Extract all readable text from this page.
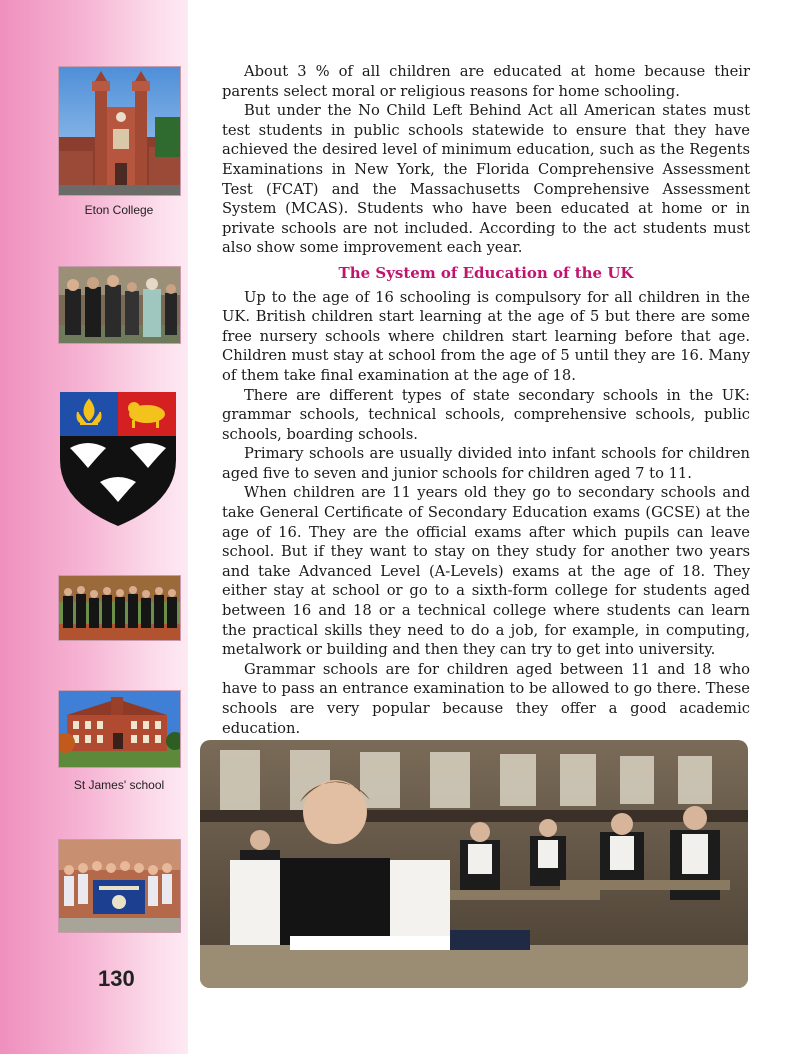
Eton College
St James' school
130

About 3 % of all children are educated at home because their parents select moral or religious reasons for home schooling.

But under the No Child Left Behind Act all American states must test students in public schools statewide to ensure that they have achieved the desired level of minimum education, such as the Regents Examinations in New York, the Florida Comprehensive Assessment Test (FCAT) and the Massachusetts Comprehensive Assessment System (MCAS). Students who have been educated at home or in private schools are not included. According to the act students must also show some improvement each year.

The System of Education of the UK

Up to the age of 16 schooling is compulsory for all children in the UK. British children start learning at the age of 5 but there are some free nursery schools where children start learning before that age. Children must stay at school from the age of 5 until they are 16. Many of them take final examination at the age of 18.

There are different types of state secondary schools in the UK: grammar schools, technical schools, comprehensive schools, public schools, boarding schools.

Primary schools are usually divided into infant schools for children aged five to seven and junior schools for children aged 7 to 11.

When children are 11 years old they go to secondary schools and take General Certificate of Secondary Education exams (GCSE) at the age of 16. They are the official exams after which pupils can leave school. But if they want to stay on they study for another two years and take Advanced Level (A-Levels) exams at the age of 18. They either stay at school or go to a sixth-form college for students aged between 16 and 18 or a technical college where students can learn the practical skills they need to do a job, for example, in computing, metalwork or building and then they can try to get into university.

Grammar schools are for children aged between 11 and 18 who have to pass an entrance examination to be allowed to go there. These schools are very popular because they offer a good academic education.
